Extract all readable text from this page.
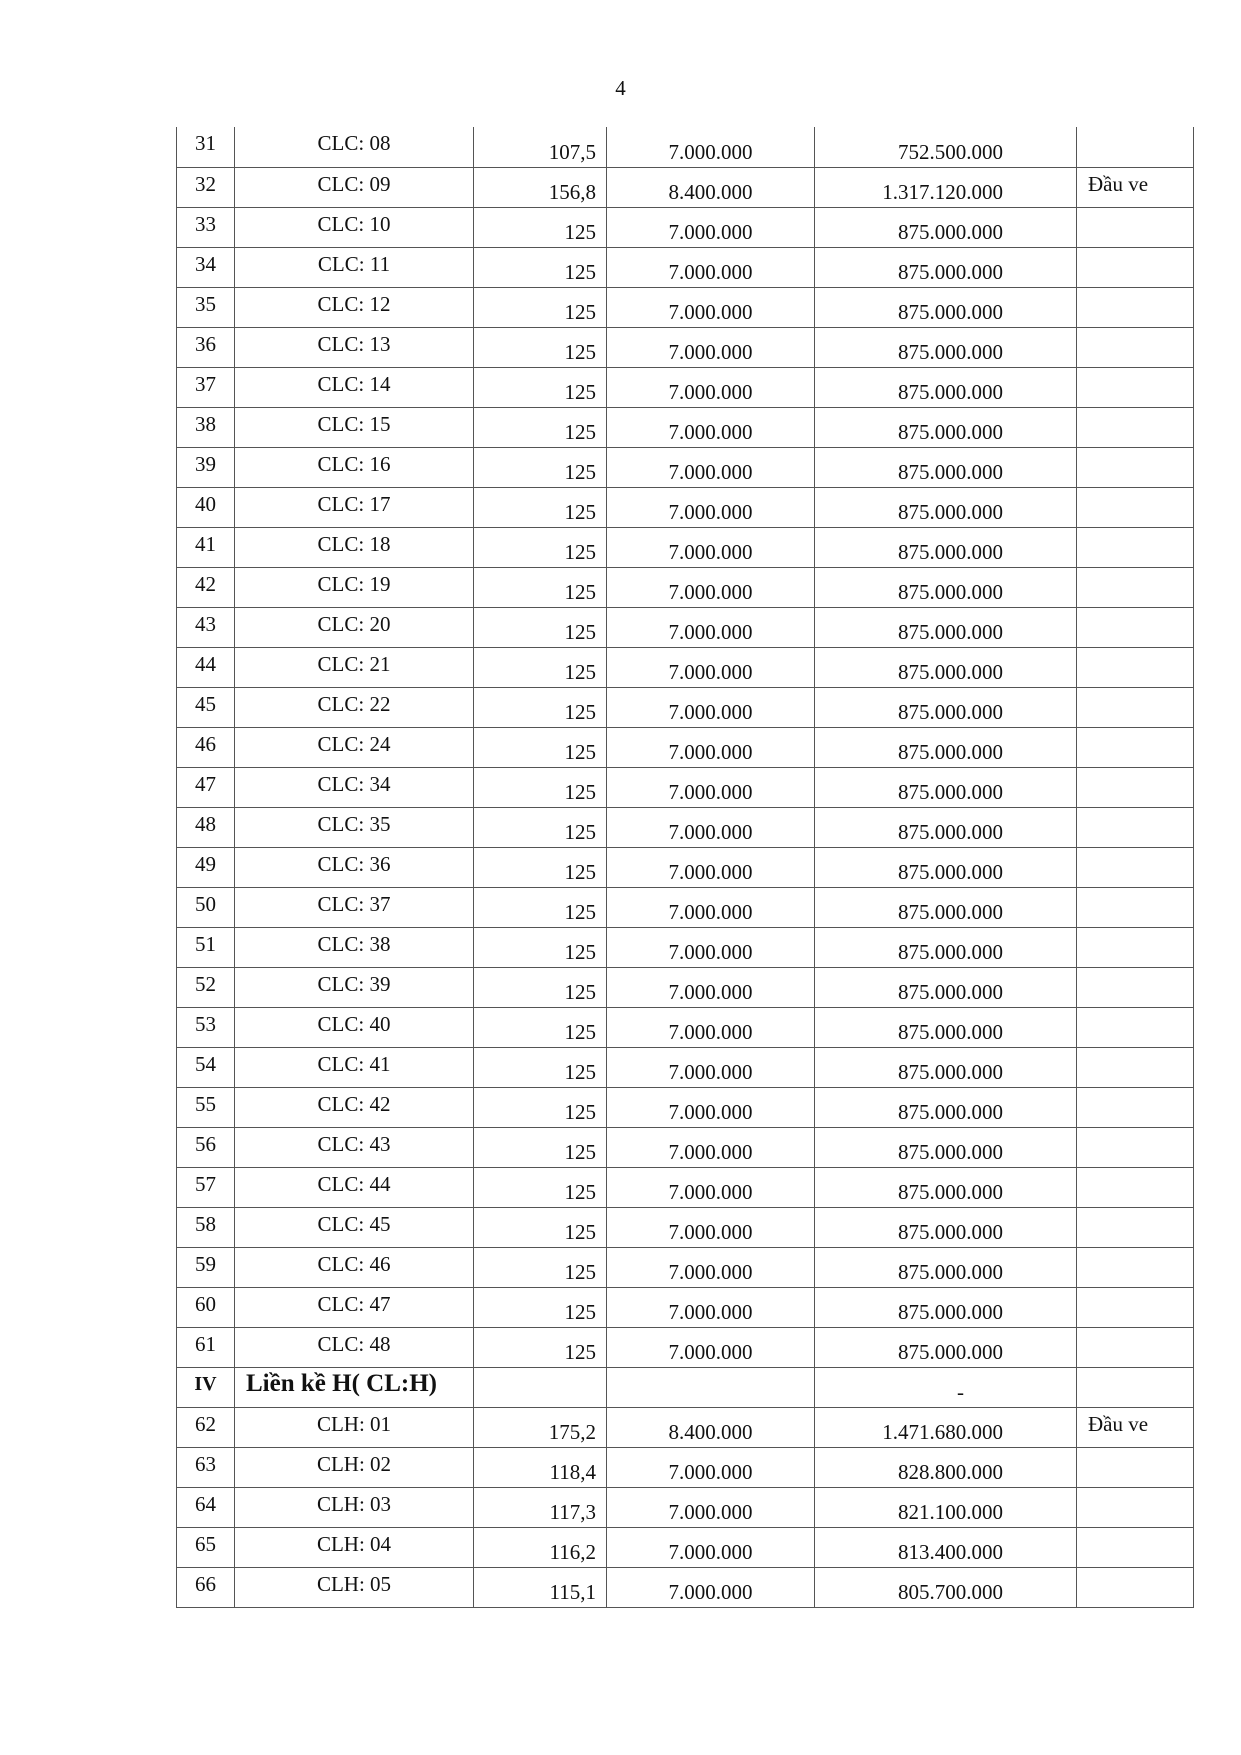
4
31	CLC: 08	107,5	7.000.000	752.500.000	

32	CLC: 09	156,8	8.400.000	1.317.120.000	Đầu ve

33	CLC: 10	125	7.000.000	875.000.000	

34	CLC: 11	125	7.000.000	875.000.000	

35	CLC: 12	125	7.000.000	875.000.000	

36	CLC: 13	125	7.000.000	875.000.000	

37	CLC: 14	125	7.000.000	875.000.000	

38	CLC: 15	125	7.000.000	875.000.000	

39	CLC: 16	125	7.000.000	875.000.000	

40	CLC: 17	125	7.000.000	875.000.000	

41	CLC: 18	125	7.000.000	875.000.000	

42	CLC: 19	125	7.000.000	875.000.000	

43	CLC: 20	125	7.000.000	875.000.000	

44	CLC: 21	125	7.000.000	875.000.000	

45	CLC: 22	125	7.000.000	875.000.000	

46	CLC: 24	125	7.000.000	875.000.000	

47	CLC: 34	125	7.000.000	875.000.000	

48	CLC: 35	125	7.000.000	875.000.000	

49	CLC: 36	125	7.000.000	875.000.000	

50	CLC: 37	125	7.000.000	875.000.000	

51	CLC: 38	125	7.000.000	875.000.000	

52	CLC: 39	125	7.000.000	875.000.000	

53	CLC: 40	125	7.000.000	875.000.000	

54	CLC: 41	125	7.000.000	875.000.000	

55	CLC: 42	125	7.000.000	875.000.000	

56	CLC: 43	125	7.000.000	875.000.000	

57	CLC: 44	125	7.000.000	875.000.000	

58	CLC: 45	125	7.000.000	875.000.000	

59	CLC: 46	125	7.000.000	875.000.000	

60	CLC: 47	125	7.000.000	875.000.000	

61	CLC: 48	125	7.000.000	875.000.000	

IV	Liền kề H( CL:H)			-	

62	CLH: 01	175,2	8.400.000	1.471.680.000	Đầu ve

63	CLH: 02	118,4	7.000.000	828.800.000	

64	CLH: 03	117,3	7.000.000	821.100.000	

65	CLH: 04	116,2	7.000.000	813.400.000	

66	CLH: 05	115,1	7.000.000	805.700.000	
